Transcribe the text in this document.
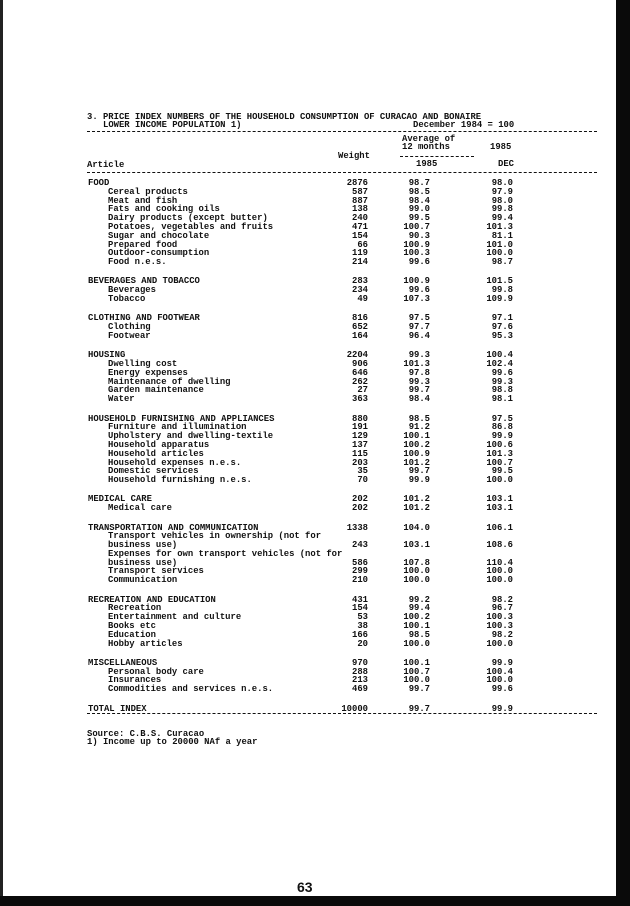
3. PRICE INDEX NUMBERS OF THE HOUSEHOLD CONSUMPTION OF CURACAO AND BONAIRE
LOWER INCOME POPULATION 1)	December 1984 = 100
Average of
12 months	1985
Weight
Article	1985	DEC
FOOD	2876	98.7	98.0
Cereal products	587	98.5	97.9
Meat and fish	887	98.4	98.0
Fats and cooking oils	138	99.0	99.8
Dairy products (except butter)	240	99.5	99.4
Potatoes, vegetables and fruits	471	100.7	101.3
Sugar and chocolate	154	90.3	81.1
Prepared food	66	100.9	101.0
Outdoor-consumption	119	100.3	100.0
Food n.e.s.	214	99.6	98.7
BEVERAGES AND TOBACCO	283	100.9	101.5
Beverages	234	99.6	99.8
Tobacco	49	107.3	109.9
CLOTHING AND FOOTWEAR	816	97.5	97.1
Clothing	652	97.7	97.6
Footwear	164	96.4	95.3
HOUSING	2204	99.3	100.4
Dwelling cost	906	101.3	102.4
Energy expenses	646	97.8	99.6
Maintenance of dwelling	262	99.3	99.3
Garden maintenance	27	99.7	98.8
Water	363	98.4	98.1
HOUSEHOLD FURNISHING AND APPLIANCES	880	98.5	97.5
Furniture and illumination	191	91.2	86.8
Upholstery and dwelling-textile	129	100.1	99.9
Household apparatus	137	100.2	100.6
Household articles	115	100.9	101.3
Household expenses n.e.s.	203	101.2	100.7
Domestic services	35	99.7	99.5
Household furnishing n.e.s.	70	99.9	100.0
MEDICAL CARE	202	101.2	103.1
Medical care	202	101.2	103.1
TRANSPORTATION AND COMMUNICATION	1338	104.0	106.1
Transport vehicles in ownership (not for
business use)	243	103.1	108.6
Expenses for own transport vehicles (not for
business use)	586	107.8	110.4
Transport services	299	100.0	100.0
Communication	210	100.0	100.0
RECREATION AND EDUCATION	431	99.2	98.2
Recreation	154	99.4	96.7
Entertainment and culture	53	100.2	100.3
Books etc	38	100.1	100.3
Education	166	98.5	98.2
Hobby articles	20	100.0	100.0
MISCELLANEOUS	970	100.1	99.9
Personal body care	288	100.7	100.4
Insurances	213	100.0	100.0
Commodities and services n.e.s.	469	99.7	99.6
TOTAL INDEX	10000	99.7	99.9
Source: C.B.S. Curacao
1) Income up to 20000 NAf a year
63
